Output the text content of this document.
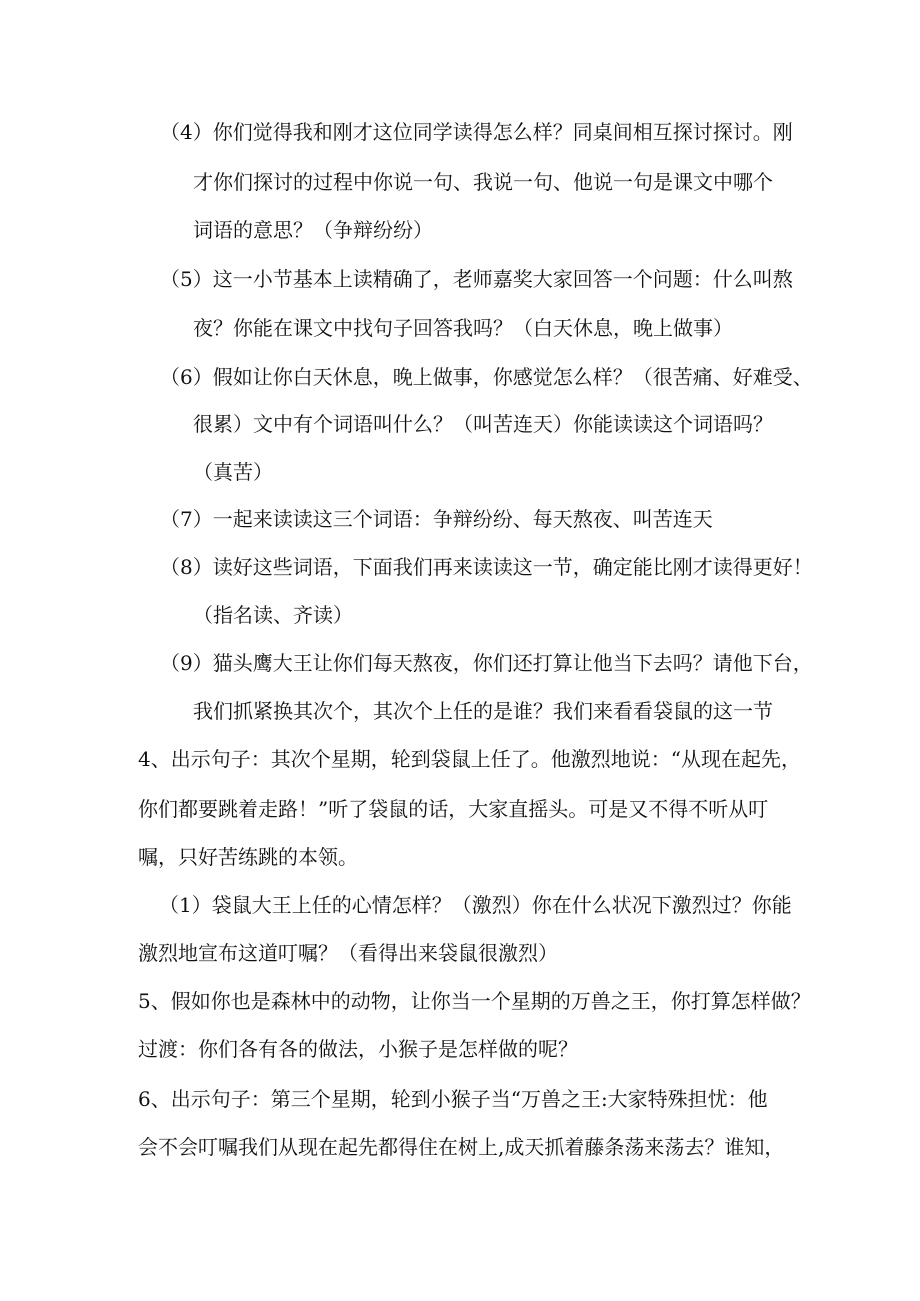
（4）你们觉得我和刚才这位同学读得怎么样？同桌间相互探讨探讨。刚
才你们探讨的过程中你说一句、我说一句、他说一句是课文中哪个
词语的意思？（争辩纷纷）
（5）这一小节基本上读精确了，老师嘉奖大家回答一个问题：什么叫熬
夜？你能在课文中找句子回答我吗？（白天休息，晚上做事）
（6）假如让你白天休息，晚上做事，你感觉怎么样？（很苦痛、好难受、
很累）文中有个词语叫什么？（叫苦连天）你能读读这个词语吗？
（真苦）
（7）一起来读读这三个词语：争辩纷纷、每天熬夜、叫苦连天
（8）读好这些词语，下面我们再来读读这一节，确定能比刚才读得更好！
（指名读、齐读）
（9）猫头鹰大王让你们每天熬夜，你们还打算让他当下去吗？请他下台，
我们抓紧换其次个，其次个上任的是谁？我们来看看袋鼠的这一节
4、出示句子：其次个星期，轮到袋鼠上任了。他激烈地说：“从现在起先，
你们都要跳着走路！”听了袋鼠的话，大家直摇头。可是又不得不听从叮
嘱，只好苦练跳的本领。
（1）袋鼠大王上任的心情怎样？（激烈）你在什么状况下激烈过？你能
激烈地宣布这道叮嘱？（看得出来袋鼠很激烈）
5、假如你也是森林中的动物，让你当一个星期的万兽之王，你打算怎样做？
过渡：你们各有各的做法，小猴子是怎样做的呢？
6、出示句子：第三个星期，轮到小猴子当“万兽之王:大家特殊担忧：他
会不会叮嘱我们从现在起先都得住在树上,成天抓着藤条荡来荡去？谁知，
